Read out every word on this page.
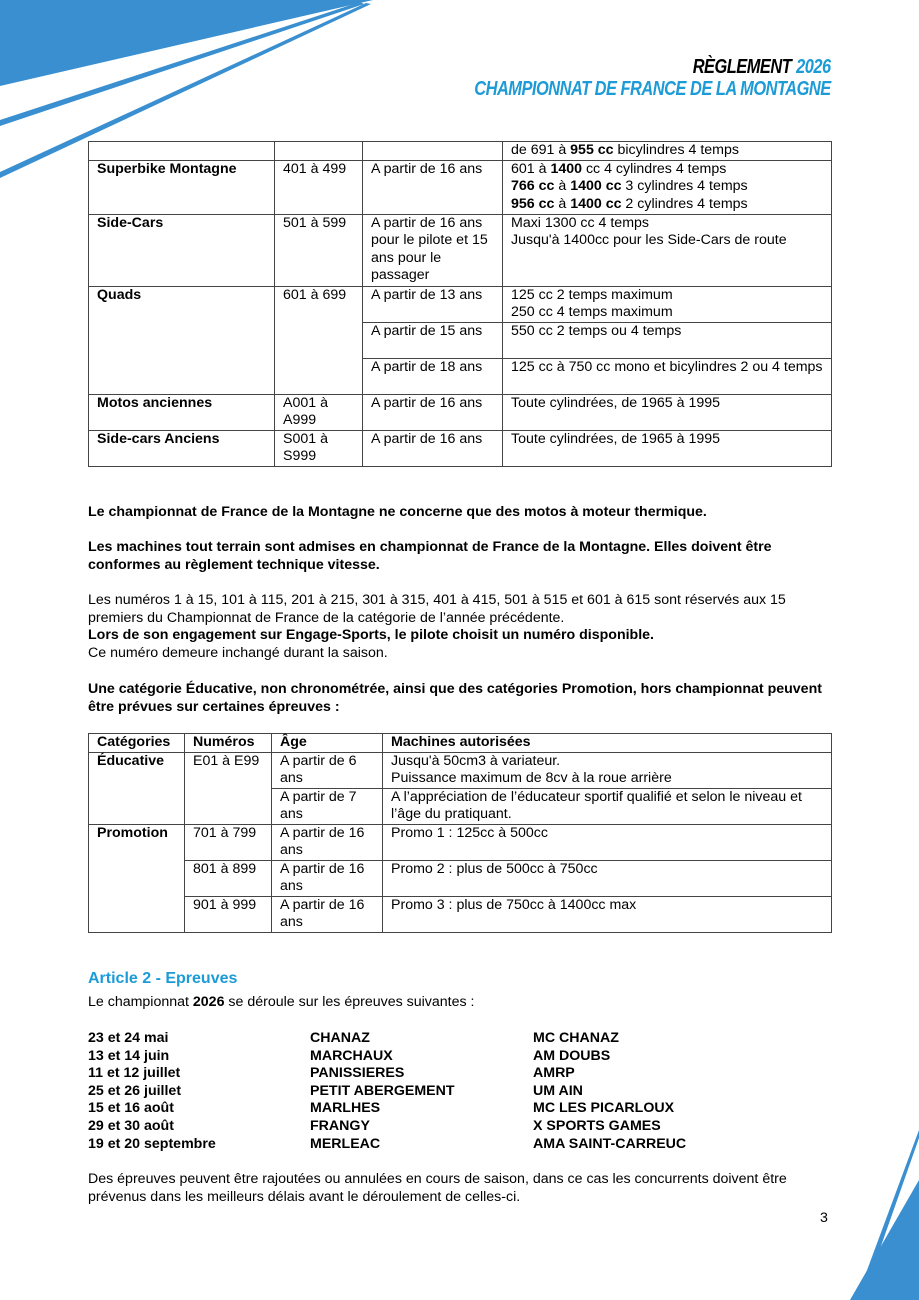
RÈGLEMENT 2026
CHAMPIONNAT DE FRANCE DE LA MONTAGNE
			de 691 à 955 cc bicylindres 4 temps
Superbike Montagne	401 à 499	A partir de 16 ans	601 à 1400 cc 4 cylindres 4 temps
766 cc à 1400 cc 3 cylindres 4 temps
956 cc à 1400 cc 2 cylindres 4 temps
Side-Cars	501 à 599	A partir de 16 ans pour le pilote et 15 ans pour le passager	Maxi 1300 cc 4 temps
Jusqu'à 1400cc pour les Side-Cars de route
Quads	601 à 699	A partir de 13 ans	125 cc 2 temps maximum
250 cc 4 temps maximum
		A partir de 15 ans	550 cc 2 temps ou 4 temps
		A partir de 18 ans	125 cc à 750 cc mono et bicylindres 2 ou 4 temps
Motos anciennes	A001 à A999	A partir de 16 ans	Toute cylindrées, de 1965 à 1995
Side-cars Anciens	S001 à S999	A partir de 16 ans	Toute cylindrées, de 1965 à 1995
Le championnat de France de la Montagne ne concerne que des motos à moteur thermique.
Les machines tout terrain sont admises en championnat de France de la Montagne. Elles doivent être conformes au règlement technique vitesse.
Les numéros 1 à 15, 101 à 115, 201 à 215, 301 à 315, 401 à 415, 501 à 515 et 601 à 615 sont réservés aux 15 premiers du Championnat de France de la catégorie de l’année précédente.
Lors de son engagement sur Engage-Sports, le pilote choisit un numéro disponible.
Ce numéro demeure inchangé durant la saison.
Une catégorie Éducative, non chronométrée, ainsi que des catégories Promotion, hors championnat peuvent être prévues sur certaines épreuves :
Catégories	Numéros	Âge	Machines autorisées
Éducative	E01 à E99	A partir de 6 ans	Jusqu'à 50cm3 à variateur.
Puissance maximum de 8cv à la roue arrière
		A partir de 7 ans	A l’appréciation de l’éducateur sportif qualifié et selon le niveau et l’âge du pratiquant.
Promotion	701 à 799	A partir de 16 ans	Promo 1 : 125cc à 500cc
	801 à 899	A partir de 16 ans	Promo 2 : plus de 500cc à 750cc
	901 à 999	A partir de 16 ans	Promo 3 : plus de 750cc à 1400cc max
Article 2 - Epreuves
Le championnat 2026 se déroule sur les épreuves suivantes :
23 et 24 mai	CHANAZ	MC CHANAZ
13 et 14 juin	MARCHAUX	AM DOUBS
11 et 12 juillet	PANISSIERES	AMRP
25 et 26 juillet	PETIT ABERGEMENT	UM AIN
15 et 16 août	MARLHES	MC LES PICARLOUX
29 et 30 août	FRANGY	X SPORTS GAMES
19 et 20 septembre	MERLEAC	AMA SAINT-CARREUC
Des épreuves peuvent être rajoutées ou annulées en cours de saison, dans ce cas les concurrents doivent être prévenus dans les meilleurs délais avant le déroulement de celles-ci.
3
